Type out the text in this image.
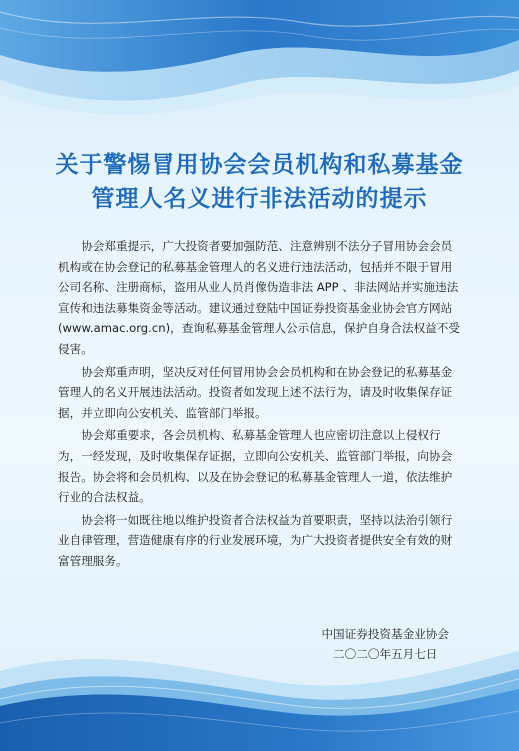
关于警惕冒用协会会员机构和私募基金
管理人名义进行非法活动的提示

协会郑重提示，广大投资者要加强防范、注意辨别不法分子冒用协会会员机构或在协会登记的私募基金管理人的名义进行违法活动，包括并不限于冒用公司名称、注册商标，盗用从业人员肖像伪造非法 APP 、非法网站并实施违法宣传和违法募集资金等活动。建议通过登陆中国证券投资基金业协会官方网站(www.amac.org.cn)，查询私募基金管理人公示信息，保护自身合法权益不受侵害。

协会郑重声明，坚决反对任何冒用协会会员机构和在协会登记的私募基金管理人的名义开展违法活动。投资者如发现上述不法行为，请及时收集保存证据，并立即向公安机关、监管部门举报。

协会郑重要求，各会员机构、私募基金管理人也应密切注意以上侵权行为，一经发现，及时收集保存证据，立即向公安机关、监管部门举报，向协会报告。协会将和会员机构、以及在协会登记的私募基金管理人一道，依法维护行业的合法权益。

协会将一如既往地以维护投资者合法权益为首要职责，坚持以法治引领行业自律管理，营造健康有序的行业发展环境，为广大投资者提供安全有效的财富管理服务。

中国证券投资基金业协会
二〇二〇年五月七日
